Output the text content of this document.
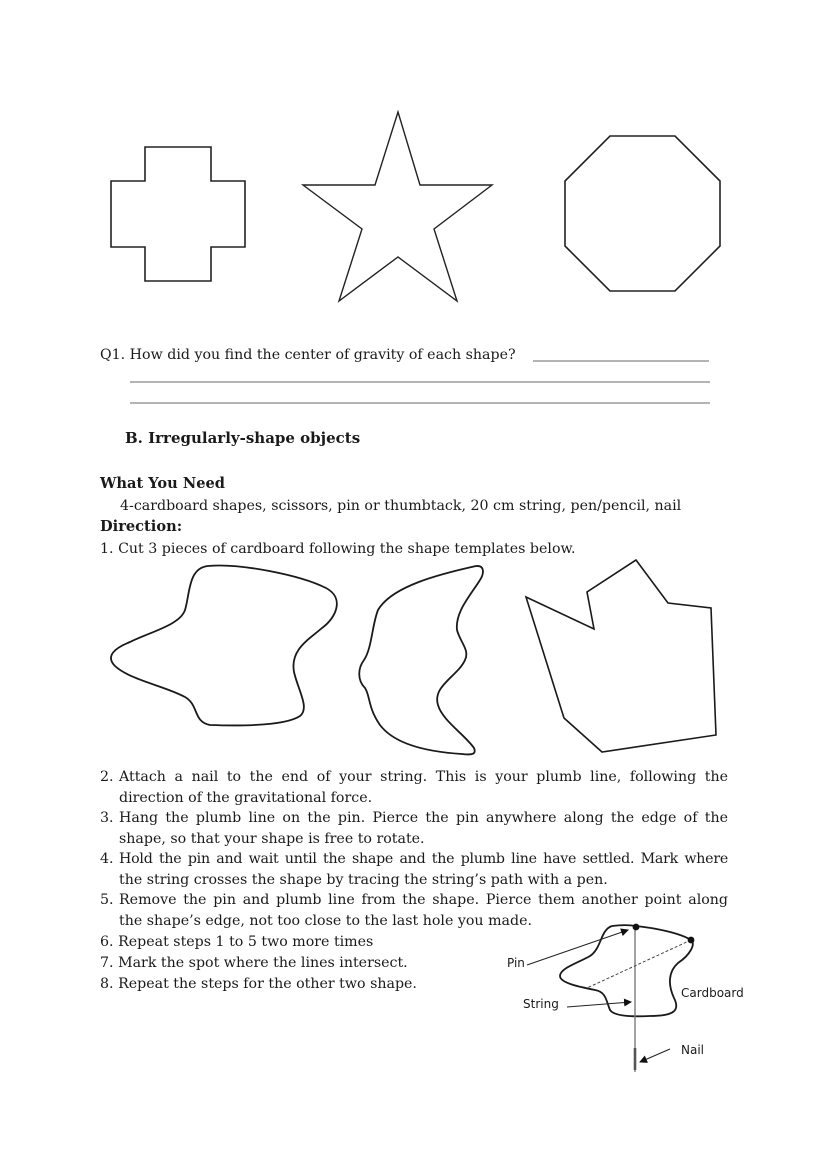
Q1. How did you find the center of gravity of each shape?
B. Irregularly-shape objects
What You Need
4-cardboard shapes, scissors, pin or thumbtack, 20 cm string, pen/pencil, nail
Direction:
1. Cut 3 pieces of cardboard following the shape templates below.
2. Attach a nail to the end of your string. This is your plumb line, following the
direction of the gravitational force.
3. Hang the plumb line on the pin. Pierce the pin anywhere along the edge of the
shape, so that your shape is free to rotate.
4. Hold the pin and wait until the shape and the plumb line have settled. Mark where
the string crosses the shape by tracing the string’s path with a pen.
5. Remove the pin and plumb line from the shape. Pierce them another point along
the shape’s edge, not too close to the last hole you made.
6. Repeat steps 1 to 5 two more times
7. Mark the spot where the lines intersect.
8. Repeat the steps for the other two shape.
Pin
String
Cardboard
Nail
